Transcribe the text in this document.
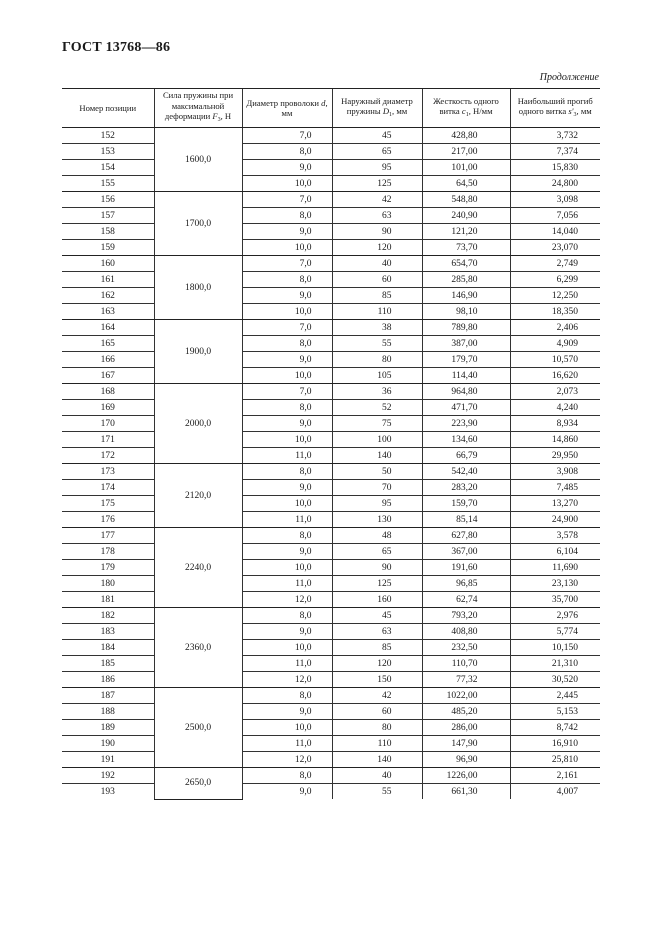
ГОСТ 13768—86
Продолжение
Номер позиции	Сила пружины при максимальной деформации $F_3$, Н	Диаметр проволоки d, мм	Наружный диаметр пружины $D_1$, мм	Жесткость одного витка $c_1$, Н/мм	Наибольший прогиб одного витка $s'_3$, мм
152	1600,0	7,0	45	428,80	3,732
153		8,0	65	217,00	7,374
154		9,0	95	101,00	15,830
155		10,0	125	64,50	24,800
156	1700,0	7,0	42	548,80	3,098
157		8,0	63	240,90	7,056
158		9,0	90	121,20	14,040
159		10,0	120	73,70	23,070
160	1800,0	7,0	40	654,70	2,749
161		8,0	60	285,80	6,299
162		9,0	85	146,90	12,250
163		10,0	110	98,10	18,350
164	1900,0	7,0	38	789,80	2,406
165		8,0	55	387,00	4,909
166		9,0	80	179,70	10,570
167		10,0	105	114,40	16,620
168	2000,0	7,0	36	964,80	2,073
169		8,0	52	471,70	4,240
170		9,0	75	223,90	8,934
171		10,0	100	134,60	14,860
172		11,0	140	66,79	29,950
173	2120,0	8,0	50	542,40	3,908
174		9,0	70	283,20	7,485
175		10,0	95	159,70	13,270
176		11,0	130	85,14	24,900
177	2240,0	8,0	48	627,80	3,578
178		9,0	65	367,00	6,104
179		10,0	90	191,60	11,690
180		11,0	125	96,85	23,130
181		12,0	160	62,74	35,700
182	2360,0	8,0	45	793,20	2,976
183		9,0	63	408,80	5,774
184		10,0	85	232,50	10,150
185		11,0	120	110,70	21,310
186		12,0	150	77,32	30,520
187	2500,0	8,0	42	1022,00	2,445
188		9,0	60	485,20	5,153
189		10,0	80	286,00	8,742
190		11,0	110	147,90	16,910
191		12,0	140	96,90	25,810
192	2650,0	8,0	40	1226,00	2,161
193		9,0	55	661,30	4,007
